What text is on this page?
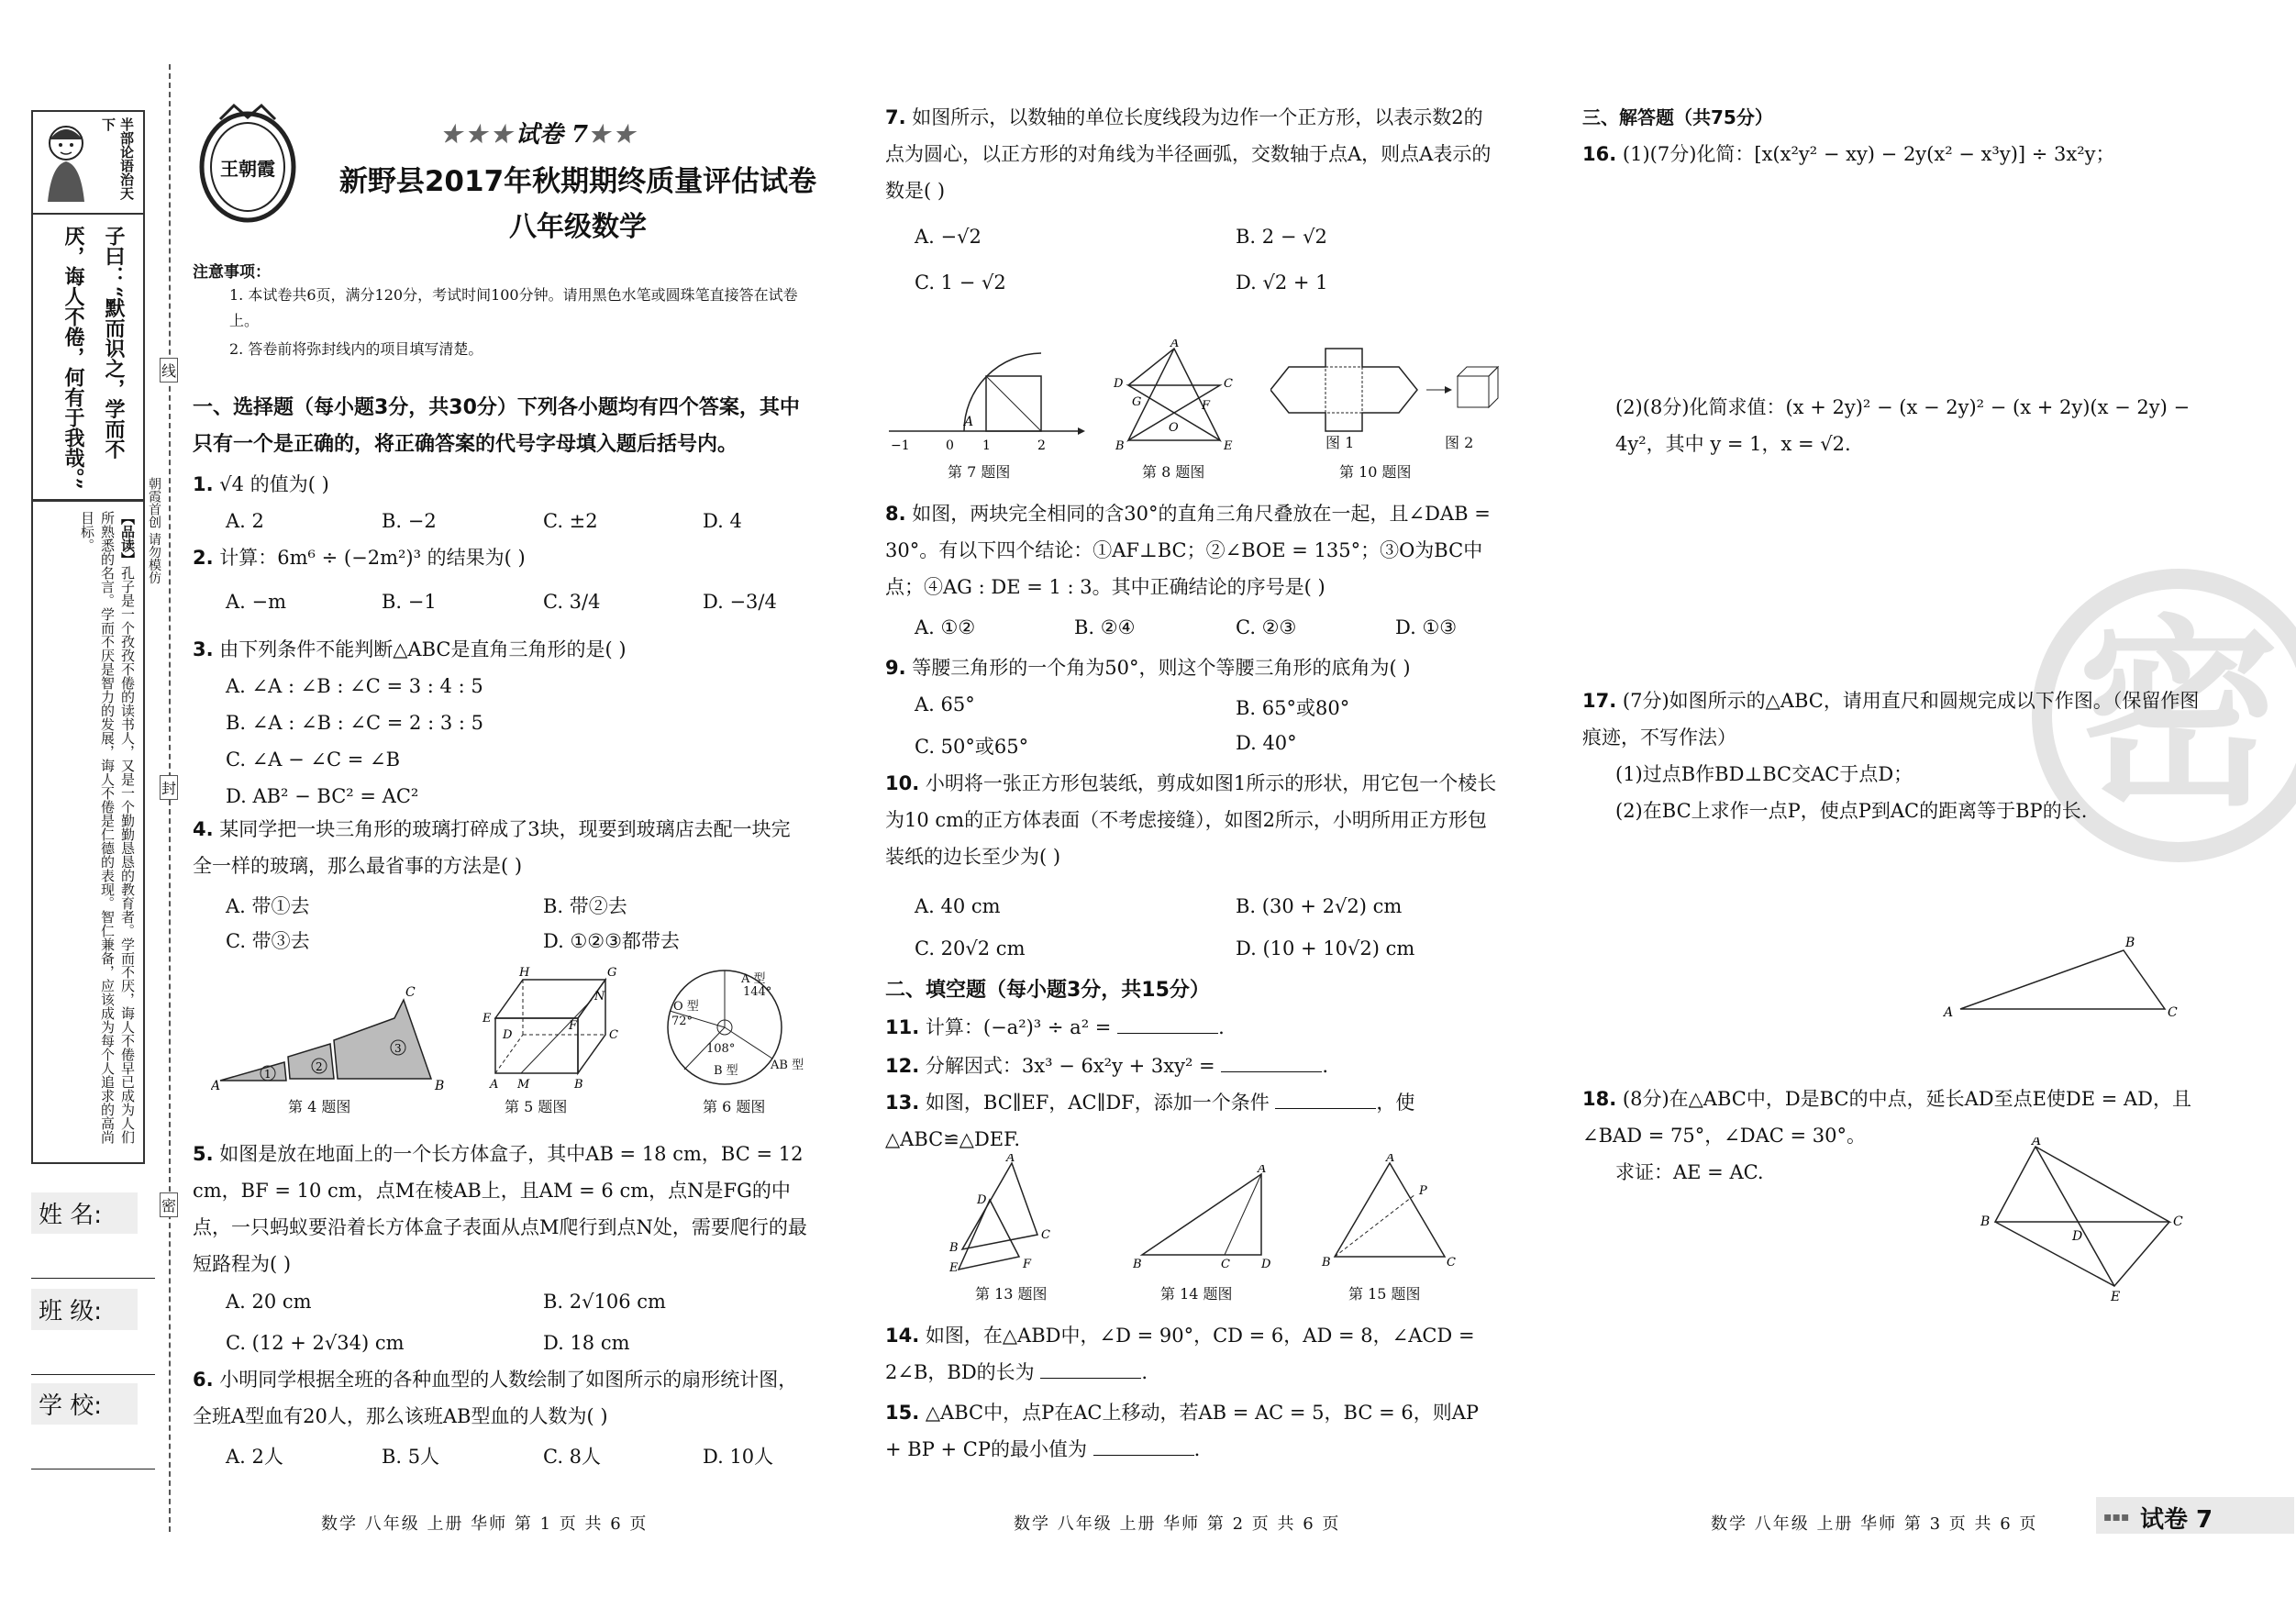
半部论语治天下
子曰：“默而识之，学而不厌，诲人不倦，何有于我哉。”
【品读】孔子是一个孜孜不倦的读书人，又是一个勤勤恳恳的教育者。学而不厌，诲人不倦早已成为人们所熟悉的名言。学而不厌是智力的发展，诲人不倦是仁德的表现。智仁兼备，应该成为每个人追求的高尚目标。
姓 名:
班 级:
学 校:
朝霞首创 请勿模仿
线
封
密
王朝霞
★★★试卷 7★★
新野县2017年秋期期终质量评估试卷
八年级数学
注意事项：
1. 本试卷共6页，满分120分，考试时间100分钟。请用黑色水笔或圆珠笔直接答在试卷上。
2. 答卷前将弥封线内的项目填写清楚。
一、选择题（每小题3分，共30分）下列各小题均有四个答案，其中只有一个是正确的，将正确答案的代号字母填入题后括号内。
1. √4 的值为( )
A. 2	B. −2	C. ±2	D. 4
2. 计算：6m⁶ ÷ (−2m²)³ 的结果为( )
A. −m	B. −1	C. 3/4	D. −3/4
3. 由下列条件不能判断△ABC是直角三角形的是( )
A. ∠A : ∠B : ∠C = 3 : 4 : 5
B. ∠A : ∠B : ∠C = 2 : 3 : 5
C. ∠A − ∠C = ∠B
D. AB² − BC² = AC²
4. 某同学把一块三角形的玻璃打碎成了3块，现要到玻璃店去配一块完全一样的玻璃，那么最省事的方法是( )
A. 带①去	B. 带②去
C. 带③去	D. ①②③都带去
1
2
3
A	B
C
第 4 题图
H	G
E
F
N
D	C
A M	B
第 5 题图
A 型
144°
O 型
72°
108°
B 型	AB 型
第 6 题图
5. 如图是放在地面上的一个长方体盒子，其中AB = 18 cm，BC = 12 cm，BF = 10 cm，点M在棱AB上，且AM = 6 cm，点N是FG的中点，一只蚂蚁要沿着长方体盒子表面从点M爬行到点N处，需要爬行的最短路程为( )
A. 20 cm	B. 2√106 cm
C. (12 + 2√34) cm	D. 18 cm
6. 小明同学根据全班的各种血型的人数绘制了如图所示的扇形统计图，全班A型血有20人，那么该班AB型血的人数为( )
A. 2人	B. 5人	C. 8人	D. 10人
数学 八年级 上册 华师 第 1 页 共 6 页
7. 如图所示，以数轴的单位长度线段为边作一个正方形，以表示数2的点为圆心，以正方形的对角线为半径画弧，交数轴于点A，则点A表示的数是( )
A. −√2	B. 2 − √2
C. 1 − √2	D. √2 + 1
−1	0 1	2
A
第 7 题图
A
D	C
G	F
O
B	E
第 8 题图
图 1	图 2
第 10 题图
8. 如图，两块完全相同的含30°的直角三角尺叠放在一起，且∠DAB = 30°。有以下四个结论：①AF⊥BC；②∠BOE = 135°；③O为BC中点；④AG : DE = 1 : 3。其中正确结论的序号是( )
A. ①②	B. ②④	C. ②③	D. ①③
9. 等腰三角形的一个角为50°，则这个等腰三角形的底角为( )
A. 65°	B. 65°或80°
C. 50°或65°	D. 40°
10. 小明将一张正方形包装纸，剪成如图1所示的形状，用它包一个棱长为10 cm的正方体表面（不考虑接缝），如图2所示，小明所用正方形包装纸的边长至少为( )
A. 40 cm	B. (30 + 2√2) cm
C. 20√2 cm	D. (10 + 10√2) cm
二、填空题（每小题3分，共15分）
11. 计算：(−a²)³ ÷ a² =	.
12. 分解因式：3x³ − 6x²y + 3xy² =	.
13. 如图，BC∥EF，AC∥DF，添加一个条件	，使△ABC≌△DEF.
A
D
B
C
E	F
第 13 题图
A
B	C	D
第 14 题图
A
P
B	C
第 15 题图
14. 如图，在△ABD中，∠D = 90°，CD = 6，AD = 8，∠ACD = 2∠B，BD的长为	.
15. △ABC中，点P在AC上移动，若AB = AC = 5，BC = 6，则AP + BP + CP的最小值为	.
数学 八年级 上册 华师 第 2 页 共 6 页
三、解答题（共75分）
16. (1)(7分)化简：[x(x²y² − xy) − 2y(x² − x³y)] ÷ 3x²y；
(2)(8分)化简求值：(x + 2y)² − (x − 2y)² − (x + 2y)(x − 2y) − 4y²，其中 y = 1，x = √2.
密
17. (7分)如图所示的△ABC，请用直尺和圆规完成以下作图。（保留作图痕迹，不写作法）
(1)过点B作BD⊥BC交AC于点D；
(2)在BC上求作一点P，使点P到AC的距离等于BP的长.
B
A	C
18. (8分)在△ABC中，D是BC的中点，延长AD至点E使DE = AD，且∠BAD = 75°，∠DAC = 30°。
求证：AE = AC.
A
B	C
D
E
数学 八年级 上册 华师 第 3 页 共 6 页	▪▪▪ 试卷 7
